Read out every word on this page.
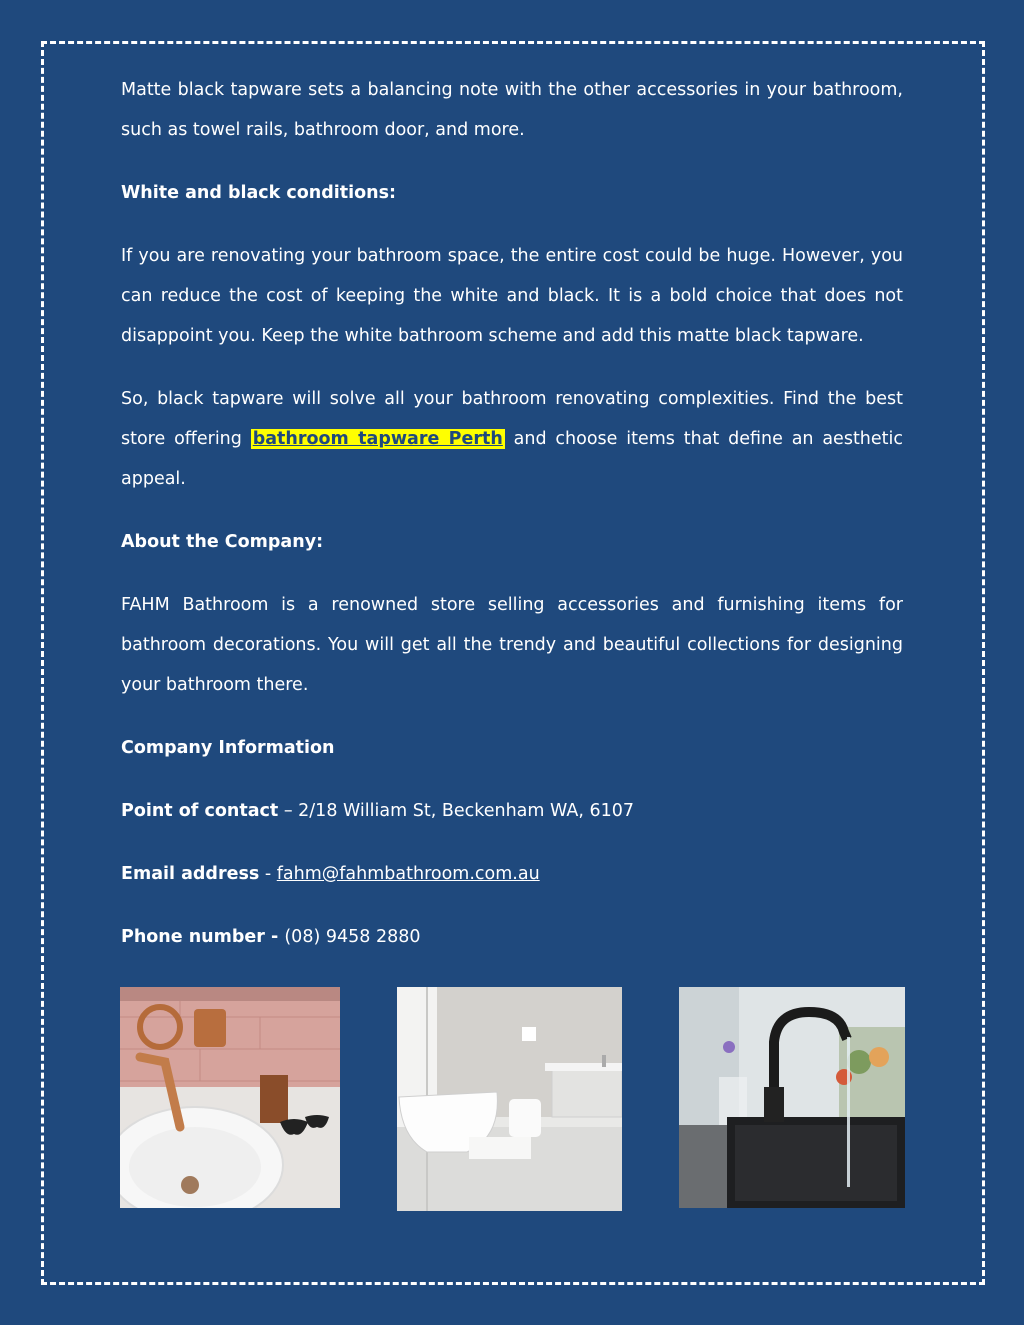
Matte black tapware sets a balancing note with the other accessories in your bathroom, such as towel rails, bathroom door, and more.

White and black conditions:

If you are renovating your bathroom space, the entire cost could be huge. However, you can reduce the cost of keeping the white and black. It is a bold choice that does not disappoint you. Keep the white bathroom scheme and add this matte black tapware.

So, black tapware will solve all your bathroom renovating complexities. Find the best store offering bathroom tapware Perth and choose items that define an aesthetic appeal.

About the Company:

FAHM Bathroom is a renowned store selling accessories and furnishing items for bathroom decorations. You will get all the trendy and beautiful collections for designing your bathroom there.

Company Information

Point of contact – 2/18 William St, Beckenham WA, 6107

Email address - fahm@fahmbathroom.com.au

Phone number - (08) 9458 2880
